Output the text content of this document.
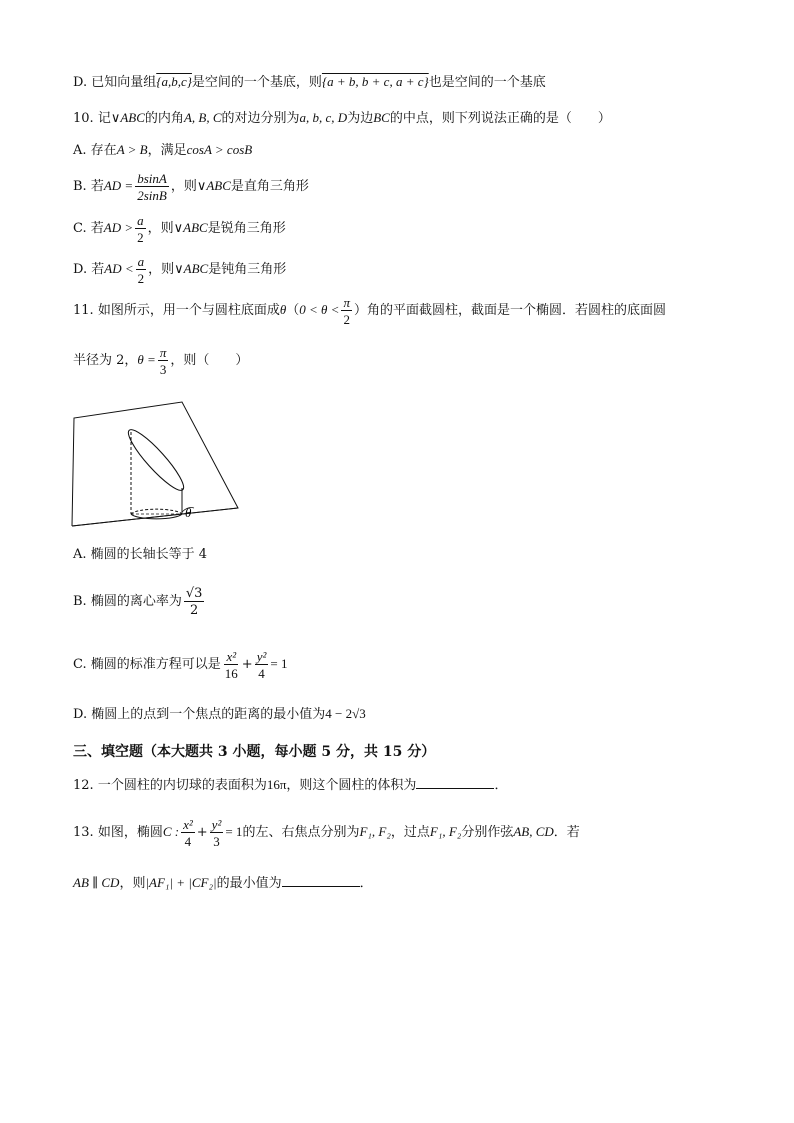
D. 已知向量组{a,b,c}是空间的一个基底，则{a + b, b + c, a + c}也是空间的一个基底
10. 记∨ABC的内角A, B, C的对边分别为a, b, c, D为边BC的中点，则下列说法正确的是（　　）
A. 存在A > B，满足cosA > cosB
B. 若AD = $\frac{bsinA}{2\sin B}$ ，则∨ABC是直角三角形
C. 若AD > $\frac{a}{2}$ ，则∨ABC是锐角三角形
D. 若AD < $\frac{a}{2}$ ，则∨ABC是钝角三角形
11. 如图所示，用一个与圆柱底面成$\theta(0 < \theta < \frac{\pi}{2}$ ）角的平面截圆柱，截面是一个椭圆．若圆柱的底面圆
半径为 2，$\theta = \frac{\pi}{3}$ ，则（　　）
θ
A. 椭圆的长轴长等于 4
B. 椭圆的离心率为 $\frac{√3}{2}$
C. 椭圆的标准方程可以是 $\frac{\text{x²}}{16} + \frac{\text{y²}}{4} = 1$
D. 椭圆上的点到一个焦点的距离的最小值为4 − 2√3
三、填空题（本大题共 3 小题，每小题 5 分，共 15 分）
12. 一个圆柱的内切球的表面积为16π，则这个圆柱的体积为	．
13. 如图，椭圆C : $\frac{\text{x²}}{4} + \frac{\text{y²}}{3} = 1$的左、右焦点分别为F₁, F₂，过点F₁, F₂分别作弦AB, CD．若
AB ∥ CD，则|AF₁| + |CF₂|的最小值为	．
